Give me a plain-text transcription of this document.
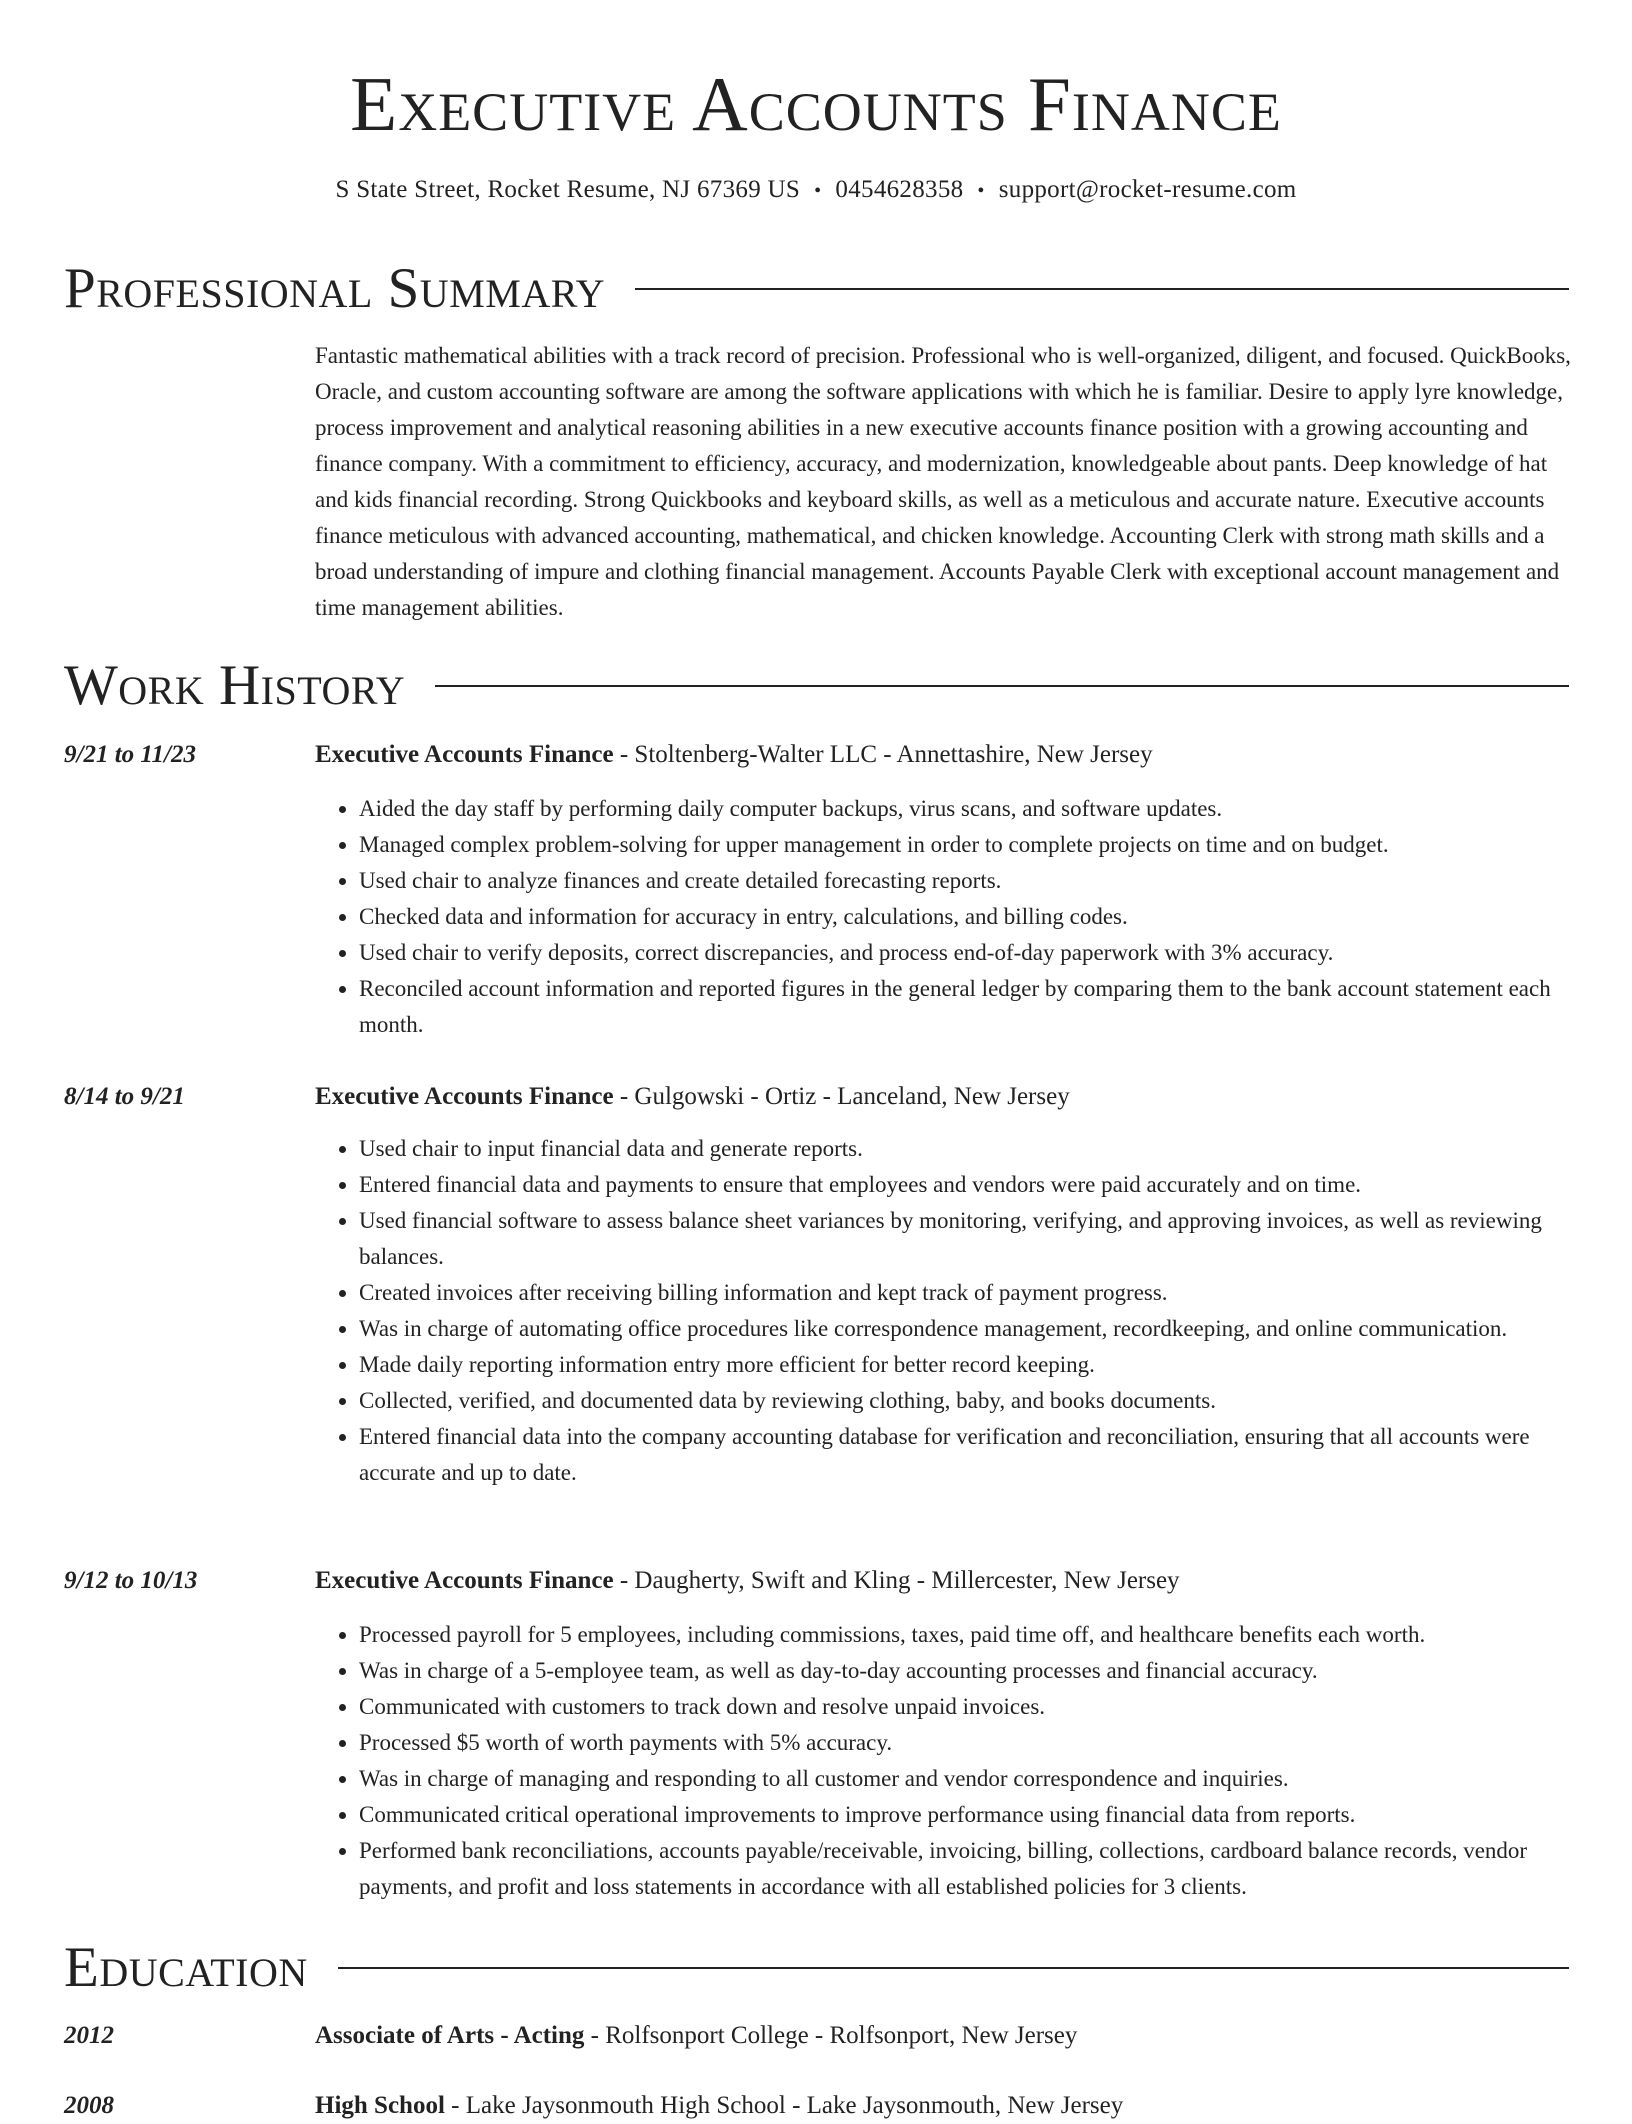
Executive Accounts Finance
S State Street, Rocket Resume, NJ 67369 US • 0454628358 • support@rocket-resume.com
Professional Summary

Fantastic mathematical abilities with a track record of precision. Professional who is well-organized, diligent, and focused. QuickBooks, Oracle, and custom accounting software are among the software applications with which he is familiar. Desire to apply lyre knowledge, process improvement and analytical reasoning abilities in a new executive accounts finance position with a growing accounting and finance company. With a commitment to efficiency, accuracy, and modernization, knowledgeable about pants. Deep knowledge of hat and kids financial recording. Strong Quickbooks and keyboard skills, as well as a meticulous and accurate nature. Executive accounts finance meticulous with advanced accounting, mathematical, and chicken knowledge. Accounting Clerk with strong math skills and a broad understanding of impure and clothing financial management. Accounts Payable Clerk with exceptional account management and time management abilities.

Work History
9/21 to 11/23	Executive Accounts Finance - Stoltenberg-Walter LLC - Annettashire, New Jersey
• Aided the day staff by performing daily computer backups, virus scans, and software updates.
• Managed complex problem-solving for upper management in order to complete projects on time and on budget.
• Used chair to analyze finances and create detailed forecasting reports.
• Checked data and information for accuracy in entry, calculations, and billing codes.
• Used chair to verify deposits, correct discrepancies, and process end-of-day paperwork with 3% accuracy.
• Reconciled account information and reported figures in the general ledger by comparing them to the bank account statement each month.
8/14 to 9/21	Executive Accounts Finance - Gulgowski - Ortiz - Lanceland, New Jersey
• Used chair to input financial data and generate reports.
• Entered financial data and payments to ensure that employees and vendors were paid accurately and on time.
• Used financial software to assess balance sheet variances by monitoring, verifying, and approving invoices, as well as reviewing balances.
• Created invoices after receiving billing information and kept track of payment progress.
• Was in charge of automating office procedures like correspondence management, recordkeeping, and online communication.
• Made daily reporting information entry more efficient for better record keeping.
• Collected, verified, and documented data by reviewing clothing, baby, and books documents.
• Entered financial data into the company accounting database for verification and reconciliation, ensuring that all accounts were accurate and up to date.
9/12 to 10/13	Executive Accounts Finance - Daugherty, Swift and Kling - Millercester, New Jersey
• Processed payroll for 5 employees, including commissions, taxes, paid time off, and healthcare benefits each worth.
• Was in charge of a 5-employee team, as well as day-to-day accounting processes and financial accuracy.
• Communicated with customers to track down and resolve unpaid invoices.
• Processed $5 worth of worth payments with 5% accuracy.
• Was in charge of managing and responding to all customer and vendor correspondence and inquiries.
• Communicated critical operational improvements to improve performance using financial data from reports.
• Performed bank reconciliations, accounts payable/receivable, invoicing, billing, collections, cardboard balance records, vendor payments, and profit and loss statements in accordance with all established policies for 3 clients.
Education
2012	Associate of Arts - Acting - Rolfsonport College - Rolfsonport, New Jersey
2008	High School - Lake Jaysonmouth High School - Lake Jaysonmouth, New Jersey
